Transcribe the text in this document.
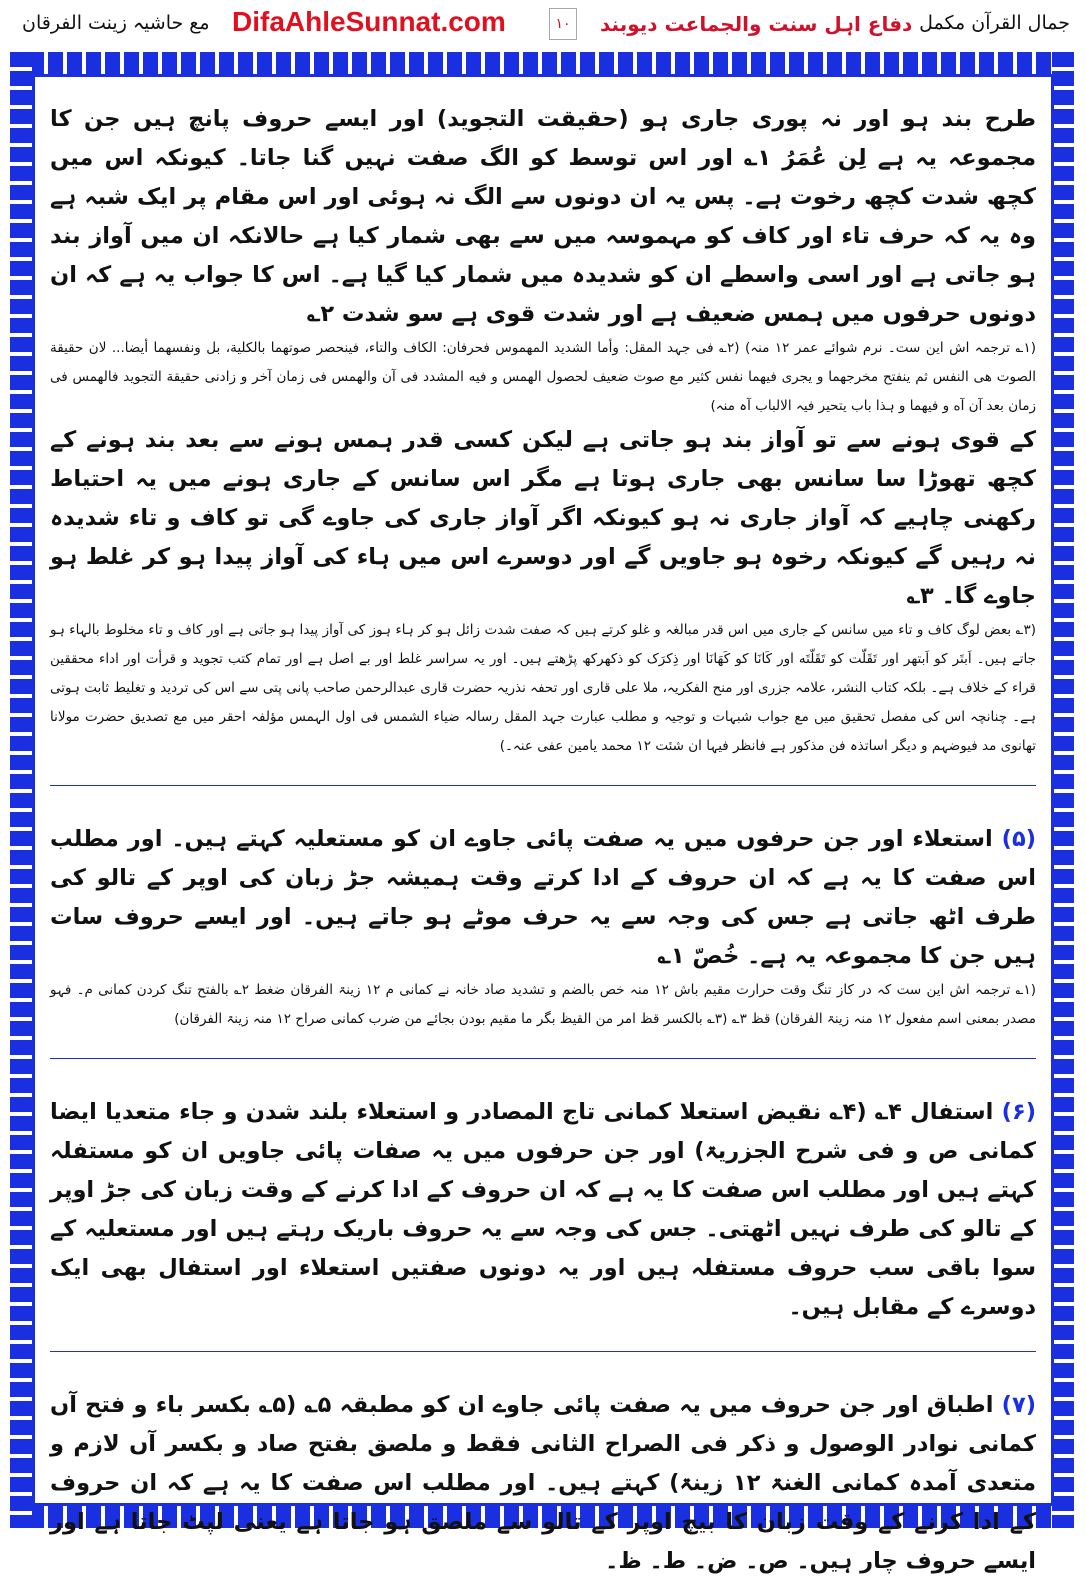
جمال القرآن مکمل
دفاع اہل سنت والجماعت دیوبند
۱۰
DifaAhleSunnat.com
مع حاشیہ زینت الفرقان

طرح بند ہو اور نہ پوری جاری ہو (حقیقت التجوید) اور ایسے حروف پانچ ہیں جن کا مجموعہ یہ ہے لِن عُمَرُ ۱؎ اور اس توسط کو الگ صفت نہیں گنا جاتا۔ کیونکہ اس میں کچھ شدت کچھ رخوت ہے۔ پس یہ ان دونوں سے الگ نہ ہوئی اور اس مقام پر ایک شبہ ہے وہ یہ کہ حرف تاء اور کاف کو مہموسہ میں سے بھی شمار کیا ہے حالانکہ ان میں آواز بند ہو جاتی ہے اور اسی واسطے ان کو شدیدہ میں شمار کیا گیا ہے۔ اس کا جواب یہ ہے کہ ان دونوں حرفوں میں ہمس ضعیف ہے اور شدت قوی ہے سو شدت ۲؎

(۱؎ ترجمہ اش این ست۔ نرم شوائے عمر ۱۲ منہ) (۲؎ فی جہد المقل: وأما الشدید المهموس فحرفان: الکاف والتاء، فینحصر صوتهما بالکلیة، بل ونفسهما أیضا... لان حقیقة الصوت هی النفس ثم ینفتح مخرجهما و یجری فیهما نفس کثیر مع صوت ضعیف لحصول الهمس و فیه المشدد فی آن والهمس فی زمان آخر و زادنی حقیقة التجوید فالهمس فی زمان بعد آن آه و فیهما و ہذا باب یتحیر فیہ الالباب آہ منہ)

کے قوی ہونے سے تو آواز بند ہو جاتی ہے لیکن کسی قدر ہمس ہونے سے بعد بند ہونے کے کچھ تھوڑا سا سانس بھی جاری ہوتا ہے مگر اس سانس کے جاری ہونے میں یہ احتیاط رکھنی چاہیے کہ آواز جاری نہ ہو کیونکہ اگر آواز جاری کی جاوے گی تو کاف و تاء شدیدہ نہ رہیں گے کیونکہ رخوہ ہو جاویں گے اور دوسرے اس میں ہاء کی آواز پیدا ہو کر غلط ہو جاوے گا۔ ۳؎

(۳؎ بعض لوگ کاف و تاء میں سانس کے جاری میں اس قدر مبالغہ و غلو کرتے ہیں کہ صفت شدت زائل ہو کر ہاء ہوز کی آواز پیدا ہو جاتی ہے اور کاف و تاء مخلوط بالہاء ہو جاتے ہیں۔ اَبتَر کو اَبتھر اور تَقَلّت کو تَقَلّتَه اور کَانَا کو کَهَانَا اور ذِکرَک کو ذکھرکھ پڑھتے ہیں۔ اور یہ سراسر غلط اور بے اصل ہے اور تمام کتب تجوید و قرأت اور اداء محققین قراء کے خلاف ہے۔ بلکہ کتاب النشر، علامہ جزری اور منح الفکریہ، ملا علی قاری اور تحفہ نذریہ حضرت قاری عبدالرحمن صاحب پانی پتی سے اس کی تردید و تغلیط ثابت ہوتی ہے۔ چنانچہ اس کی مفصل تحقیق میں مع جواب شبہات و توجیہ و مطلب عبارت جہد المقل رسالہ ضیاء الشمس فی اول الہمس مؤلفہ احقر میں مع تصدیق حضرت مولانا تھانوی مد فیوضہم و دیگر اساتذہ فن مذکور ہے فانظر فیہا ان شئت ۱۲ محمد یامین عفی عنہ۔)

(۵) استعلاء اور جن حرفوں میں یہ صفت پائی جاوے ان کو مستعلیہ کہتے ہیں۔ اور مطلب اس صفت کا یہ ہے کہ ان حروف کے ادا کرتے وقت ہمیشہ جڑ زبان کی اوپر کے تالو کی طرف اٹھ جاتی ہے جس کی وجہ سے یہ حرف موٹے ہو جاتے ہیں۔ اور ایسے حروف سات ہیں جن کا مجموعہ یہ ہے۔ خُصّ ۱؎

(۱؎ ترجمہ اش این ست کہ در کاز تنگ وقت حرارت مقیم باش ۱۲ منہ خص بالضم و تشدید صاد خانہ نے کمانی م ۱۲ زینۃ الفرقان ضغط ۲؎ بالفتح تنگ کردن کمانی م۔ فہو مصدر بمعنی اسم مفعول ۱۲ منہ زینۃ الفرقان) قظ ۳؎ (۳؎ بالکسر قظ امر من القیظ بگر ما مقیم بودن بجائے من ضرب کمانی صراح ۱۲ منہ زینۃ الفرقان)

(۶) استفال ۴؎ (۴؎ نقیض استعلا کمانی تاج المصادر و استعلاء بلند شدن و جاء متعدیا ایضا کمانی ص و فی شرح الجزریۃ) اور جن حرفوں میں یہ صفات پائی جاویں ان کو مستفلہ کہتے ہیں اور مطلب اس صفت کا یہ ہے کہ ان حروف کے ادا کرنے کے وقت زبان کی جڑ اوپر کے تالو کی طرف نہیں اٹھتی۔ جس کی وجہ سے یہ حروف باریک رہتے ہیں اور مستعلیہ کے سوا باقی سب حروف مستفلہ ہیں اور یہ دونوں صفتیں استعلاء اور استفال بھی ایک دوسرے کے مقابل ہیں۔

(۷) اطباق اور جن حروف میں یہ صفت پائی جاوے ان کو مطبقہ ۵؎ (۵؎ بکسر باء و فتح آں کمانی نوادر الوصول و ذکر فی الصراح الثانی فقط و ملصق بفتح صاد و بکسر آں لازم و متعدی آمدہ کمانی الغنۃ ۱۲ زینۃ) کہتے ہیں۔ اور مطلب اس صفت کا یہ ہے کہ ان حروف کے ادا کرنے کے وقت زبان کا بیچ اوپر کے تالو سے ملصق ہو جاتا ہے یعنی لپٹ جاتا ہے اور ایسے حروف چار ہیں۔ ص۔ ض۔ ط۔ ظ۔
